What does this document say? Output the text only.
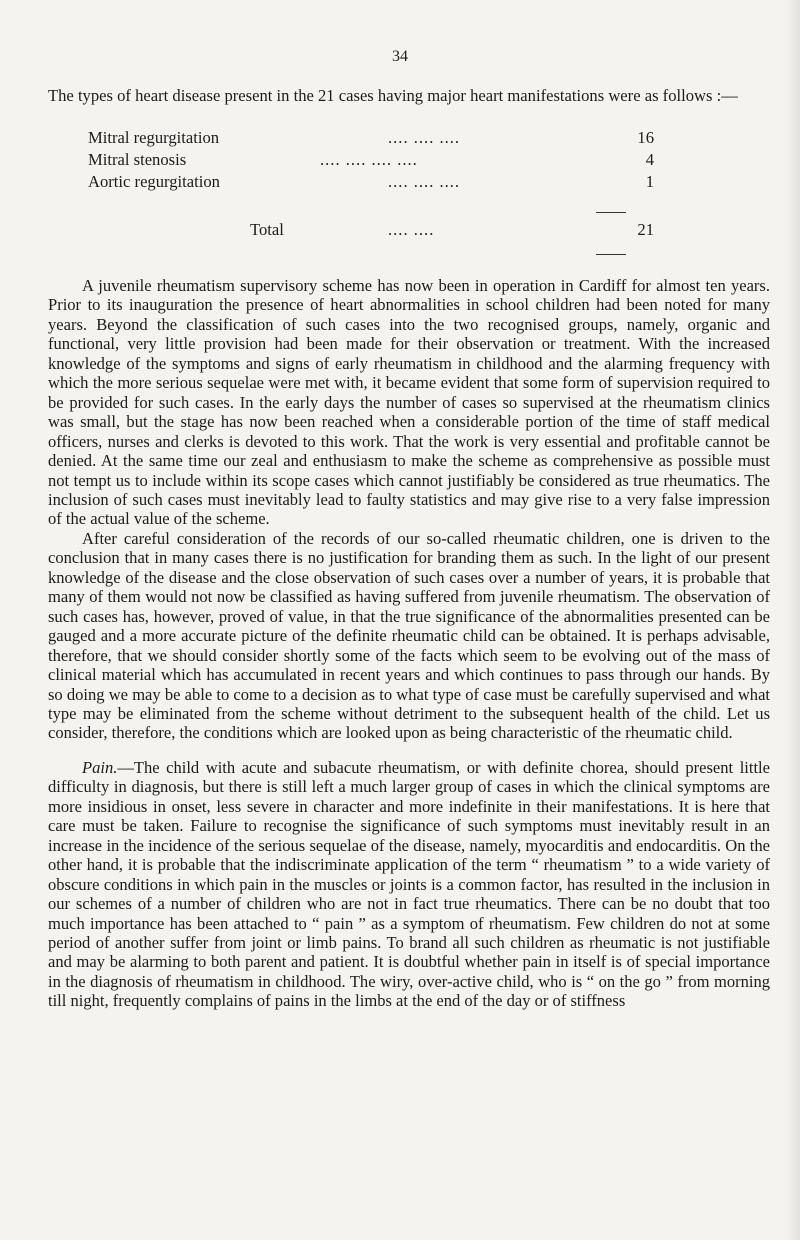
34

The types of heart disease present in the 21 cases having major heart manifestations were as follows :—

Mitral regurgitation	.... .... ....	16
Mitral stenosis	.... .... .... ....	4
Aortic regurgitation	.... .... ....	1
Total	.... ....	21

A juvenile rheumatism supervisory scheme has now been in operation in Cardiff for almost ten years. Prior to its inauguration the presence of heart abnormalities in school children had been noted for many years. Beyond the classification of such cases into the two recognised groups, namely, organic and functional, very little provision had been made for their observation or treatment. With the increased knowledge of the symptoms and signs of early rheumatism in childhood and the alarming frequency with which the more serious sequelae were met with, it became evident that some form of supervision required to be provided for such cases. In the early days the number of cases so supervised at the rheumatism clinics was small, but the stage has now been reached when a considerable portion of the time of staff medical officers, nurses and clerks is devoted to this work. That the work is very essential and profitable cannot be denied. At the same time our zeal and enthusiasm to make the scheme as comprehensive as possible must not tempt us to include within its scope cases which cannot justifiably be considered as true rheumatics. The inclusion of such cases must inevitably lead to faulty statistics and may give rise to a very false impression of the actual value of the scheme.

After careful consideration of the records of our so-called rheumatic children, one is driven to the conclusion that in many cases there is no justification for branding them as such. In the light of our present knowledge of the disease and the close observation of such cases over a number of years, it is probable that many of them would not now be classified as having suffered from juvenile rheumatism. The observation of such cases has, however, proved of value, in that the true significance of the abnormalities presented can be gauged and a more accurate picture of the definite rheumatic child can be obtained. It is perhaps advisable, therefore, that we should consider shortly some of the facts which seem to be evolving out of the mass of clinical material which has accumulated in recent years and which continues to pass through our hands. By so doing we may be able to come to a decision as to what type of case must be carefully supervised and what type may be eliminated from the scheme without detriment to the subsequent health of the child. Let us consider, therefore, the conditions which are looked upon as being characteristic of the rheumatic child.

Pain.—The child with acute and subacute rheumatism, or with definite chorea, should present little difficulty in diagnosis, but there is still left a much larger group of cases in which the clinical symptoms are more insidious in onset, less severe in character and more indefinite in their manifestations. It is here that care must be taken. Failure to recognise the significance of such symptoms must inevitably result in an increase in the incidence of the serious sequelae of the disease, namely, myocarditis and endocarditis. On the other hand, it is probable that the indiscriminate application of the term “ rheumatism ” to a wide variety of obscure conditions in which pain in the muscles or joints is a common factor, has resulted in the inclusion in our schemes of a number of children who are not in fact true rheumatics. There can be no doubt that too much importance has been attached to “ pain ” as a symptom of rheumatism. Few children do not at some period of another suffer from joint or limb pains. To brand all such children as rheumatic is not justifiable and may be alarming to both parent and patient. It is doubtful whether pain in itself is of special importance in the diagnosis of rheumatism in childhood. The wiry, over-active child, who is “ on the go ” from morning till night, frequently complains of pains in the limbs at the end of the day or of stiffness
